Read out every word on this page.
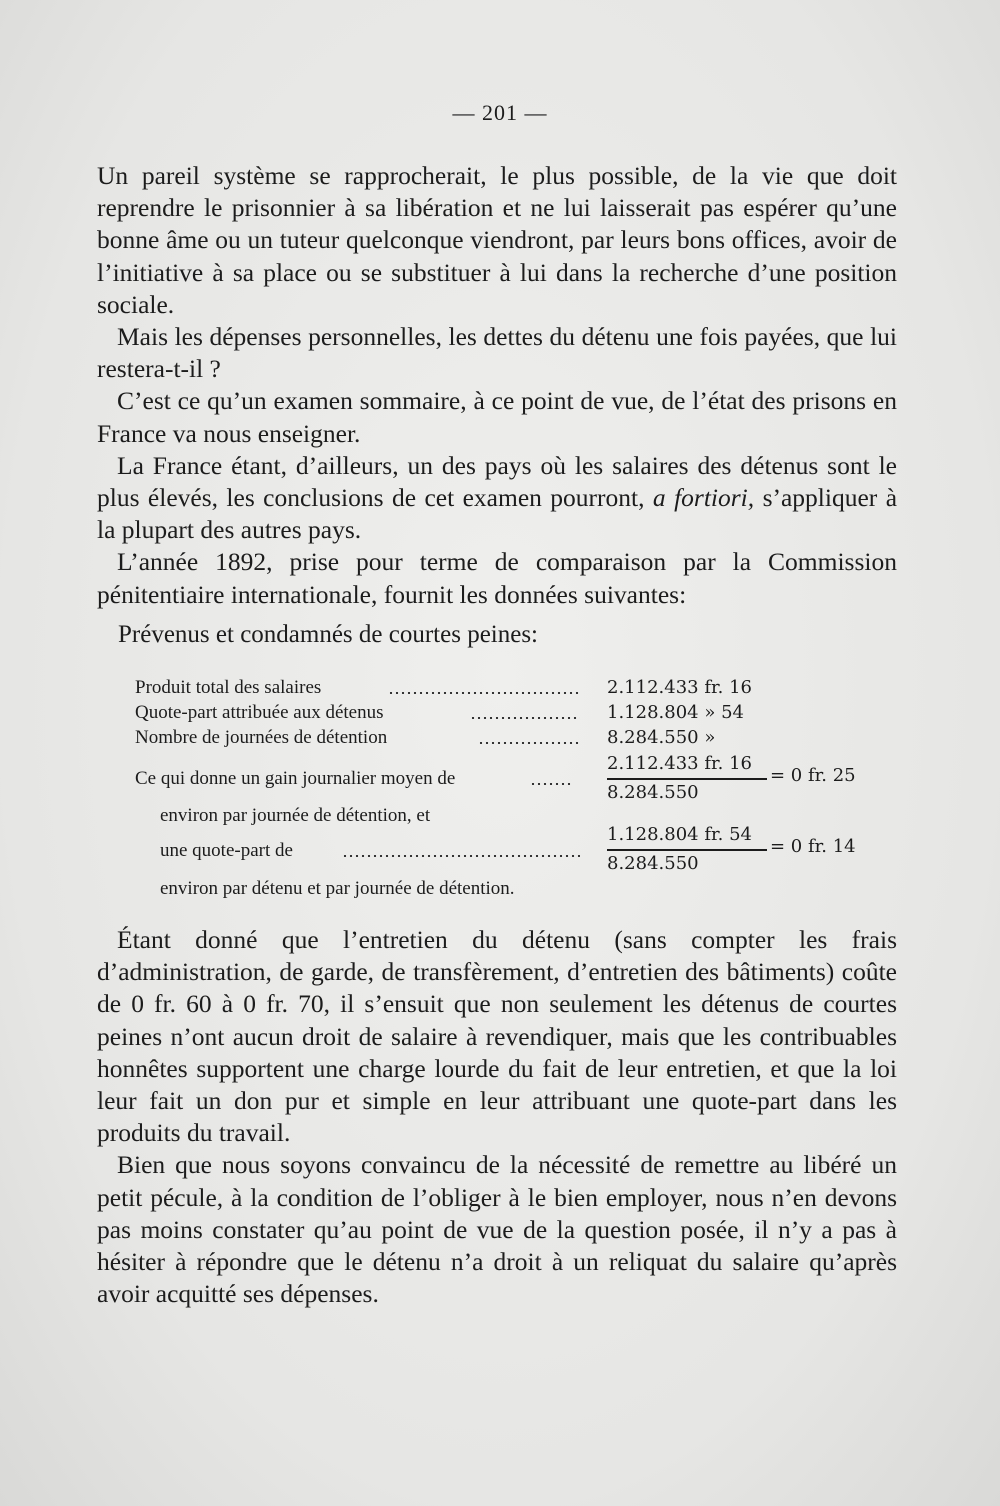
— 201 —

Un pareil système se rapprocherait, le plus possible, de la vie que doit reprendre le prisonnier à sa libération et ne lui laisserait pas espérer qu’une bonne âme ou un tuteur quelconque viendront, par leurs bons offices, avoir de l’initiative à sa place ou se substituer à lui dans la recherche d’une position sociale.

Mais les dépenses personnelles, les dettes du détenu une fois payées, que lui restera-t-il ?

C’est ce qu’un examen sommaire, à ce point de vue, de l’état des prisons en France va nous enseigner.

La France étant, d’ailleurs, un des pays où les salaires des détenus sont le plus élevés, les conclusions de cet examen pourront, a fortiori, s’appliquer à la plupart des autres pays.

L’année 1892, prise pour terme de comparaison par la Commission pénitentiaire internationale, fournit les données suivantes:

Prévenus et condamnés de courtes peines:
Produit total des salaires	2.112.433 fr. 16
Quote-part attribuée aux détenus	1.128.804 » 54
Nombre de journées de détention	8.284.550 »
Ce qui donne un gain journalier moyen de
2.112.433 fr. 16
8.284.550
= 0 fr. 25
environ par journée de détention, et
une quote-part de
1.128.804 fr. 54
8.284.550
= 0 fr. 14
environ par détenu et par journée de détention.

Étant donné que l’entretien du détenu (sans compter les frais d’administration, de garde, de transfèrement, d’entretien des bâtiments) coûte de 0 fr. 60 à 0 fr. 70, il s’ensuit que non seulement les détenus de courtes peines n’ont aucun droit de salaire à revendiquer, mais que les contribuables honnêtes supportent une charge lourde du fait de leur entretien, et que la loi leur fait un don pur et simple en leur attribuant une quote-part dans les produits du travail.

Bien que nous soyons convaincu de la nécessité de remettre au libéré un petit pécule, à la condition de l’obliger à le bien employer, nous n’en devons pas moins constater qu’au point de vue de la question posée, il n’y a pas à hésiter à répondre que le détenu n’a droit à un reliquat du salaire qu’après avoir acquitté ses dépenses.
